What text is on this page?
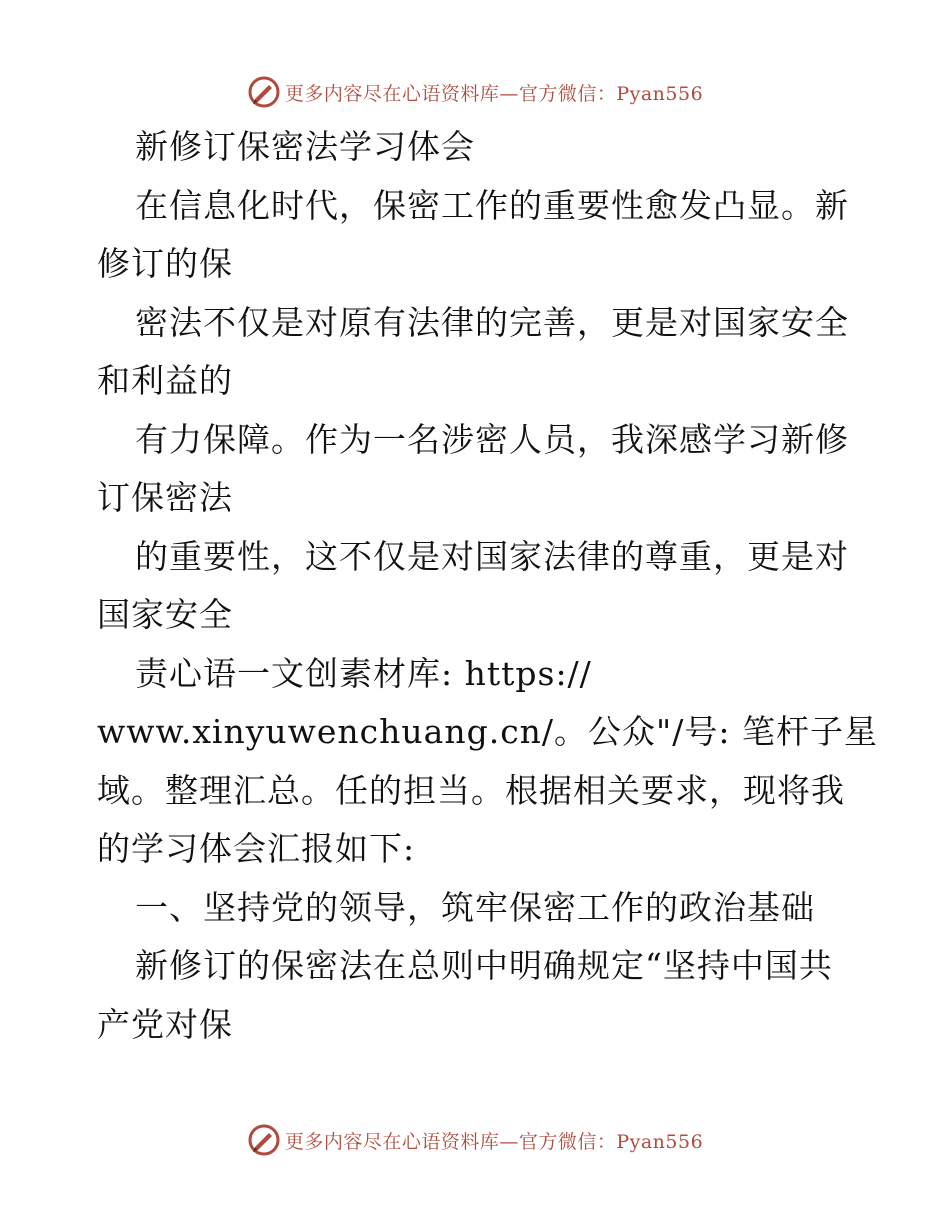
更多内容尽在心语资料库—官方微信：Pyan556
新修订保密法学习体会
在信息化时代，保密工作的重要性愈发凸显。新
修订的保
密法不仅是对原有法律的完善，更是对国家安全
和利益的
有力保障。作为一名涉密人员，我深感学习新修
订保密法
的重要性，这不仅是对国家法律的尊重，更是对
国家安全
责心语一文创素材库: https://
www.xinyuwenchuang.cn/。公众"/号: 笔杆子星
域。整理汇总。任的担当。根据相关要求，现将我
的学习体会汇报如下:
一、坚持党的领导，筑牢保密工作的政治基础
新修订的保密法在总则中明确规定“坚持中国共
产党对保
更多内容尽在心语资料库—官方微信：Pyan556
